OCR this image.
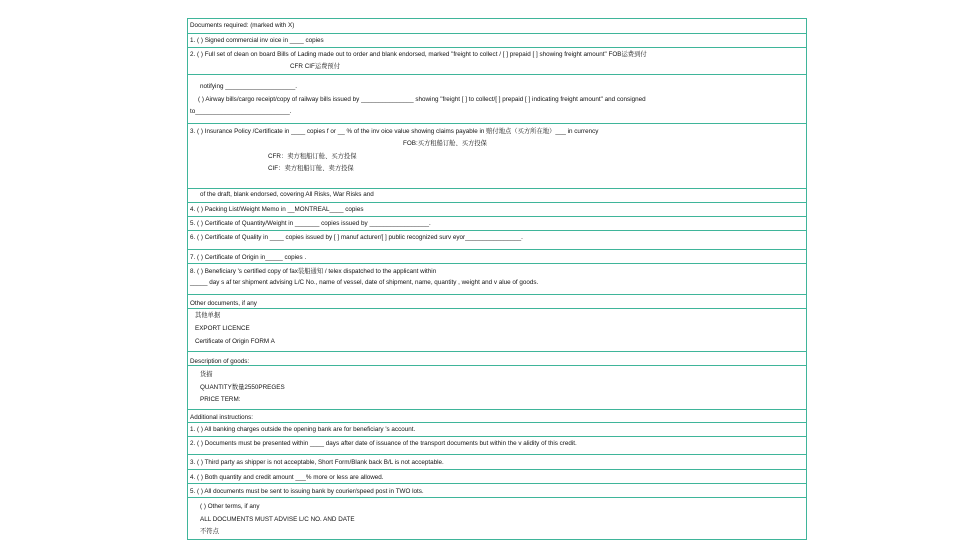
Documents required: (marked with X)
1. ( ) Signed commercial inv oice in ____ copies
2. ( ) Full set of clean on board Bills of Lading made out to order and blank endorsed, marked "freight to collect / [ ] prepaid [ ] showing freight amount" FOB运费到付
CFR CIF运费预付
notifying ____________________.
( ) Airway bills/cargo receipt/copy of railway bills issued by _______________ showing "freight [ ] to collect/[ ] prepaid [ ] indicating freight amount" and consigned
to___________________________.
3. ( ) Insurance Policy /Certificate in ____ copies f or __ % of the inv oice value showing claims payable in 赔付地点（买方所在地）___ in currency
FOB:买方租船订舱、买方投保
CFR：卖方租船订舱、买方投保
CIF：卖方租船订舱、卖方投保
of the draft, blank endorsed, covering All Risks, War Risks and
4. ( ) Packing List/Weight Memo in __MONTREAL____ copies
5. ( ) Certificate of Quantity/Weight in _______ copies issued by _________________.
6. ( ) Certificate of Quality in ____ copies issued by [ ] manuf acturer/[ ] public recognized surv eyor________________.
7. ( ) Certificate of Origin in_____ copies .
8. ( ) Beneficiary 's certified copy of fax装船通知 / telex dispatched to the applicant within
_____ day s af ter shipment advising L/C No., name of vessel, date of shipment, name, quantity , weight and v alue of goods.
Other documents, if any
其他单据
EXPORT LICENCE
Certificate of Origin FORM A
Description of goods:
货描
QUANTITY数量2550PREGES
PRICE TERM:
Additional instructions:
1. ( ) All banking charges outside the opening bank are for beneficiary 's account.
2. ( ) Documents must be presented within ____ days after date of issuance of the transport documents but within the v alidity of this credit.
3. ( ) Third party as shipper is not acceptable, Short Form/Blank back B/L is not acceptable.
4. ( ) Both quantity and credit amount ___% more or less are allowed.
5. ( ) All documents must be sent to issuing bank by courier/speed post in TWO lots.
( ) Other terms, if any
ALL DOCUMENTS MUST ADVISE L/C NO. AND DATE
不符点
